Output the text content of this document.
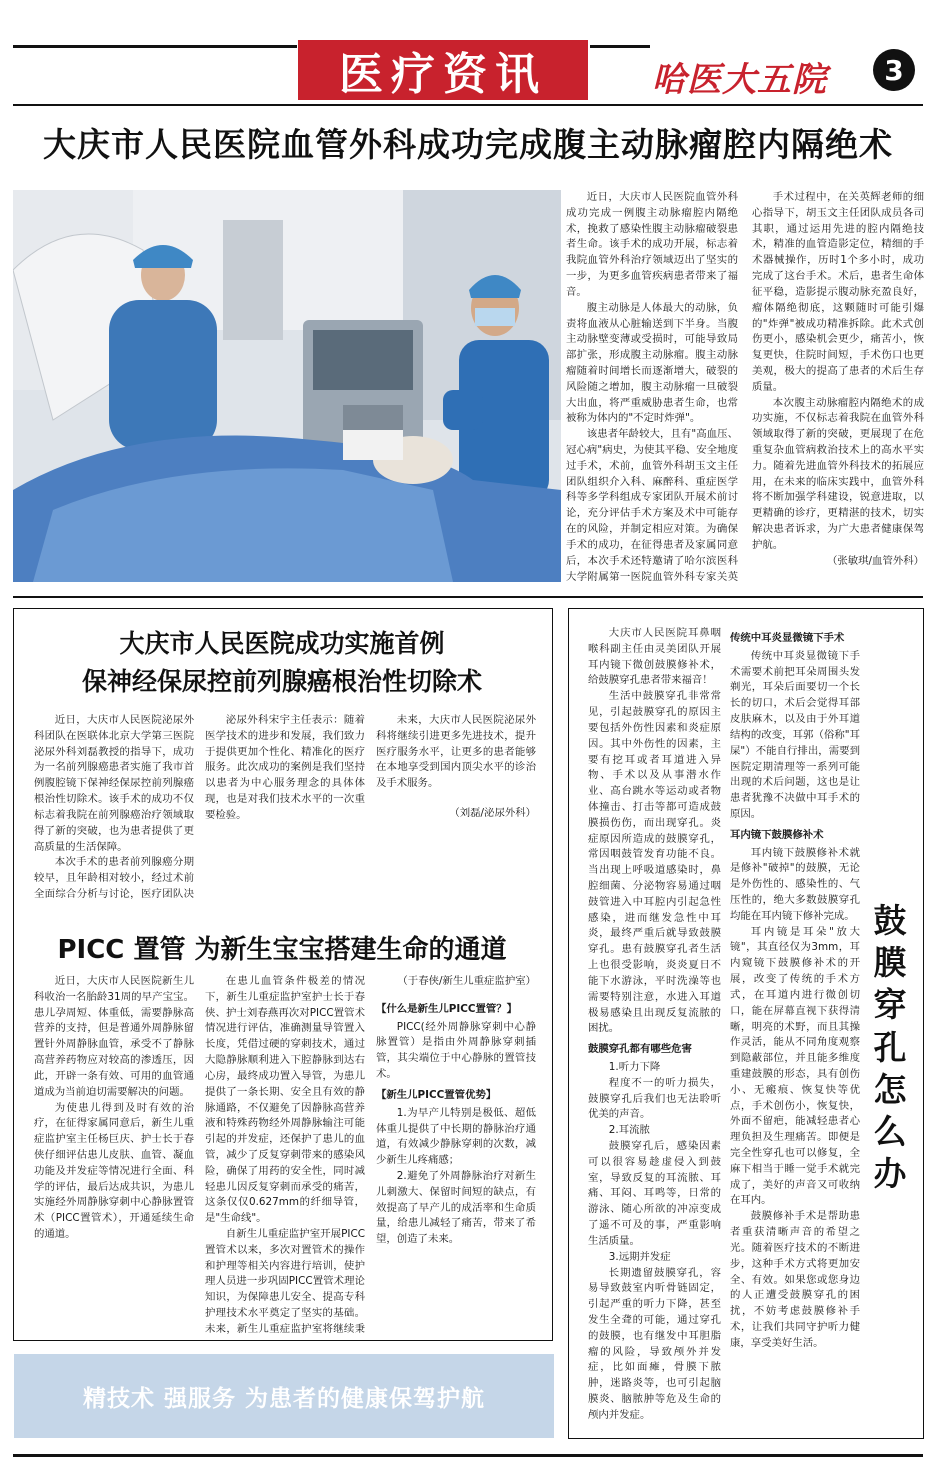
医疗资讯	哈医大五院	3
大庆市人民医院血管外科成功完成腹主动脉瘤腔内隔绝术

近日，大庆市人民医院血管外科成功完成一例腹主动脉瘤腔内隔绝术，挽救了感染性腹主动脉瘤破裂患者生命。该手术的成功开展，标志着我院血管外科治疗领域迈出了坚实的一步，为更多血管疾病患者带来了福音。

腹主动脉是人体最大的动脉，负责将血液从心脏输送到下半身。当腹主动脉壁变薄或受损时，可能导致局部扩张，形成腹主动脉瘤。腹主动脉瘤随着时间增长而逐渐增大，破裂的风险随之增加，腹主动脉瘤一旦破裂大出血，将严重威胁患者生命，也常被称为体内的"不定时炸弹"。

该患者年龄较大，且有"高血压、冠心病"病史，为使其平稳、安全地度过手术，术前，血管外科胡玉文主任团队组织介入科、麻醉科、重症医学科等多学科组成专家团队开展术前讨论，充分评估手术方案及术中可能存在的风险，并制定相应对策。为确保手术的成功，在征得患者及家属同意后，本次手术还特邀请了哈尔滨医科大学附属第一医院血管外科专家关英

手术过程中，在关英辉老师的细心指导下，胡玉文主任团队成员各司其职，通过运用先进的腔内隔绝技术，精准的血管造影定位，精细的手术器械操作，历时1个多小时，成功完成了这台手术。术后，患者生命体征平稳，造影提示腹动脉充盈良好，瘤体隔绝彻底，这颗随时可能引爆的"炸弹"被成功精准拆除。此术式创伤更小，感染机会更少，痛苦小，恢复更快，住院时间短，手术伤口也更美观，极大的提高了患者的术后生存质量。

本次腹主动脉瘤腔内隔绝术的成功实施，不仅标志着我院在血管外科领域取得了新的突破，更展现了在危重复杂血管病救治技术上的高水平实力。随着先进血管外科技术的拓展应用，在未来的临床实践中，血管外科将不断加强学科建设，锐意进取，以更精确的诊疗，更精湛的技术，切实解决患者诉求，为广大患者健康保驾护航。

（张敏琪/血管外科）

大庆市人民医院成功实施首例
保神经保尿控前列腺癌根治性切除术

近日，大庆市人民医院泌尿外科团队在医联体北京大学第三医院泌尿外科刘磊教授的指导下，成功为一名前列腺癌患者实施了我市首例腹腔镜下保神经保尿控前列腺癌根治性切除术。该手术的成功不仅标志着我院在前列腺癌治疗领域取得了新的突破，也为患者提供了更高质量的生活保障。

本次手术的患者前列腺癌分期较早，且年龄相对较小，经过术前全面综合分析与讨论，医疗团队决

泌尿外科宋宇主任表示：随着医学技术的进步和发展，我们致力于提供更加个性化、精准化的医疗服务。此次成功的案例是我们坚持以患者为中心服务理念的具体体现，也是对我们技术水平的一次重要检验。

未来，大庆市人民医院泌尿外科将继续引进更多先进技术，提升医疗服务水平，让更多的患者能够在本地享受到国内顶尖水平的诊治及手术服务。

（刘磊/泌尿外科）

PICC 置管 为新生宝宝搭建生命的通道

近日，大庆市人民医院新生儿科收治一名胎龄31周的早产宝宝。患儿孕周短、体重低，需要静脉高营养的支持，但是普通外周静脉留置针外周静脉血管，承受不了静脉高营养药物应对较高的渗透压，因此，开辟一条有效、可用的血管通道成为当前迫切需要解决的问题。

为使患儿得到及时有效的治疗，在征得家属同意后，新生儿重症监护室主任杨巨庆、护士长于春侠仔细评估患儿皮肤、血管、凝血功能及并发症等情况进行全面、科学的评估，最后达成共识，为患儿实施经外周静脉穿刺中心静脉置管术（PICC置管术），开通延续生命的通道。

在患儿血管条件极差的情况下，新生儿重症监护室护士长于春侠、护士刘春燕再次对PICC置管术情况进行评估，准确测量导管置入长度，凭借过硬的穿刺技术，通过大隐静脉顺利进入下腔静脉到达右心房，最终成功置入导管，为患儿提供了一条长期、安全且有效的静脉通路，不仅避免了因静脉高营养液和特殊药物经外周静脉输注可能引起的并发症，还保护了患儿的血管，减少了反复穿刺带来的感染风险，确保了用药的安全性，同时减轻患儿因反复穿刺而承受的痛苦，这条仅仅0.627mm的纤细导管，是"生命线"。

自新生儿重症监护室开展PICC置管术以来，多次对置管术的操作和护理等相关内容进行培训，使护理人员进一步巩固PICC置管术理论知识，为保障患儿安全、提高专科护理技术水平奠定了坚实的基础。未来，新生儿重症监护室将继续秉

（于春侠/新生儿重症监护室）

【什么是新生儿PICC置管？】

PICC(经外周静脉穿刺中心静脉置管）是指由外周静脉穿刺插管，其尖端位于中心静脉的置管技术。

【新生儿PICC置管优势】

1.为早产儿特别是极低、超低体重儿提供了中长期的静脉治疗通道，有效减少静脉穿刺的次数，减少新生儿疼痛感；

2.避免了外周静脉治疗对新生儿刺激大、保留时间短的缺点，有效提高了早产儿的成活率和生命质量，给患儿减轻了痛苦，带来了希望，创造了未来。

大庆市人民医院耳鼻咽喉科副主任由灵美团队开展耳内镜下微创鼓膜修补术，给鼓膜穿孔患者带来福音！

生活中鼓膜穿孔非常常见，引起鼓膜穿孔的原因主要包括外伤性因素和炎症原因。其中外伤性的因素，主要有挖耳或者耳道进入异物、手术以及从事潜水作业、高台跳水等运动或者物体撞击、打击等都可造成鼓膜损伤伤，而出现穿孔。炎症原因所造成的鼓膜穿孔，常因咽鼓管发育功能不良。当出现上呼吸道感染时，鼻腔细菌、分泌物容易通过咽鼓管进入中耳腔内引起急性感染，进而继发急性中耳炎，最终严重后就导致鼓膜穿孔。患有鼓膜穿孔者生活上也很受影响，炎炎夏日不能下水游泳，平时洗澡等也需要特别注意，水进入耳道极易感染且出现反复流脓的困扰。

鼓膜穿孔都有哪些危害

1.听力下降

程度不一的听力损失，鼓膜穿孔后我们也无法聆听优美的声音。

2.耳流脓

鼓膜穿孔后，感染因素可以很容易趁虚侵入到鼓室，导致反复的耳流脓、耳痛、耳闷、耳鸣等，日常的游泳、随心所欲的冲凉变成了遥不可及的事，严重影响生活质量。

3.远期并发症

长期遗留鼓膜穿孔，容易导致鼓室内听骨链固定，引起严重的听力下降，甚至发生全聋的可能，通过穿孔的鼓膜，也有继发中耳胆脂瘤的风险，导致颅外并发症，比如面瘫，骨膜下脓肿，迷路炎等，也可引起脑膜炎、脑脓肿等危及生命的颅内并发症。

传统中耳炎显微镜下手术

传统中耳炎显微镜下手术需要术前把耳朵周围头发剃光，耳朵后面要切一个长长的切口，术后会觉得耳部皮肤麻木，以及由于外耳道结构的改变，耳郭（俗称"耳屎"）不能自行排出，需要到医院定期清理等一系列可能出现的术后问题，这也是让患者犹豫不决做中耳手术的原因。

耳内镜下鼓膜修补术

耳内镜下鼓膜修补术就是修补"破掉"的鼓膜，无论是外伤性的、感染性的、气压性的，绝大多数鼓膜穿孔均能在耳内镜下修补完成。

耳内镜是耳朵"放大镜"，其直径仅为3mm，耳内窥镜下鼓膜修补术的开展，改变了传统的手术方式，在耳道内进行微创切口，能在屏幕直视下获得清晰，明亮的术野，而且其操作灵活，能从不同角度观察到隐蔽部位，并且能多维度重建鼓膜的形态，具有创伤小、无瘢痕、恢复快等优点，手术创伤小，恢复快，外面不留疤，能减轻患者心理负担及生理痛苦。即便是完全性穿孔也可以修复，全麻下相当于睡一觉手术就完成了，美好的声音又可收纳在耳内。

鼓膜修补手术是帮助患者重获清晰声音的希望之光。随着医疗技术的不断进步，这种手术方式将更加安全、有效。如果您或您身边的人正遭受鼓膜穿孔的困扰，不妨考虑鼓膜修补手术，让我们共同守护听力健康，享受美好生活。

鼓膜穿孔怎么办
精技术 强服务 为患者的健康保驾护航
